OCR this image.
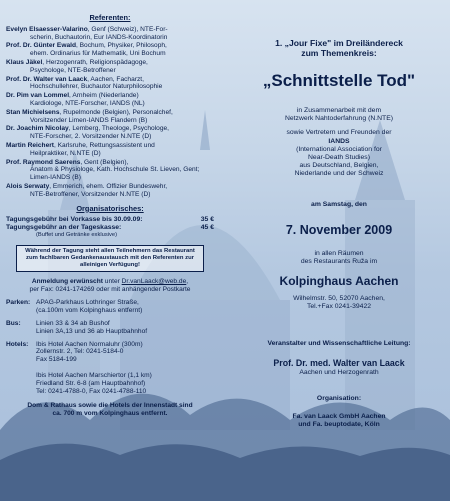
Referenten:
Evelyn Elsaesser-Valarino, Genf (Schweiz), NTE-For-
scherin, Buchautorin, Eur IANDS-Koordinatorin
Prof. Dr. Günter Ewald, Bochum, Physiker, Philosoph,
ehem. Ordinarius für Mathematik, Uni Bochum
Klaus Jäkel, Herzogenrath, Religionspädagoge,
Psychologe, NTE-Betroffener
Prof. Dr. Walter van Laack, Aachen, Facharzt,
Hochschullehrer, Buchautor Naturphilosophie
Dr. Pim van Lommel, Arnheim (Niederlande)
Kardiologe, NTE-Forscher, IANDS (NL)
Stan Michielsens, Rupelmonde (Belgien), Personalchef,
Vorsitzender Limen-IANDS Flandern (B)
Dr. Joachim Nicolay, Lemberg, Theologe, Psychologe,
NTE-Forscher, 2. Vorsitzender N.NTE (D)
Martin Reichert, Karlsruhe, Rettungsassistent und
Heilpraktiker, N.NTE (D)
Prof. Raymond Saerens, Gent (Belgien),
Anatom & Physiologe, Kath. Hochschule St. Lieven, Gent; Limen-IANDS (B)
Alois Serwaty, Emmerich, ehem. Offizier Bundeswehr,
NTE-Betroffener, Vorsitzender N.NTE (D)
Organisatorisches:
Tagungsgebühr bei Vorkasse bis 30.09.09:	35 €
Tagungsgebühr an der Tageskasse:	45 €
(Buffet und Getränke exklusive)
Während der Tagung steht allen Teilnehmern das Restaurant zum fachlbaren Gedankenaustausch mit den Referenten zur alleinigen Verfügung!
Anmeldung erwünscht unter Dr.vanLaack@web.de,
per Fax: 0241-174269 oder mit anhängender Postkarte
Parken: APAG-Parkhaus Lothringer Straße,
(ca.100m vom Kolpinghaus entfernt)
Bus:	Linien 33 & 34 ab Bushof
Linien 3A,13 und 36 ab Hauptbahnhof
Hotels:	Ibis Hotel Aachen Normaluhr (300m)
Zollernstr. 2, Tel: 0241-5184-0
Fax 5184-199
Ibis Hotel Aachen Marschiertor (1,1 km)
Friedland Str. 6-8 (am Hauptbahnhof)
Tel: 0241-4788-0, Fax 0241-4788-110
Dom & Rathaus sowie die Hotels der Innenstadt sind
ca. 700 m vom Kolpinghaus entfernt.
1. „Jour Fixe" im Dreiländereck
zum Themenkreis:
„Schnittstelle Tod"
in Zusammenarbeit mit dem
Netzwerk Nahtoderfahrung (N.NTE)
sowie Vertretern und Freunden der
IANDS
(International Association for
Near-Death Studies)
aus Deutschland, Belgien,
Niederlande und der Schweiz
am Samstag, den
7. November 2009
in allen Räumen
des Restaurants Ruža im
Kolpinghaus Aachen
Wilhelmstr. 50, 52070 Aachen,
Tel.+Fax 0241-39422
Veranstalter und Wissenschaftliche Leitung:
Prof. Dr. med. Walter van Laack
Aachen und Herzogenrath
Organisation:
Fa. van Laack GmbH Aachen
und Fa. beuptodate, Köln
